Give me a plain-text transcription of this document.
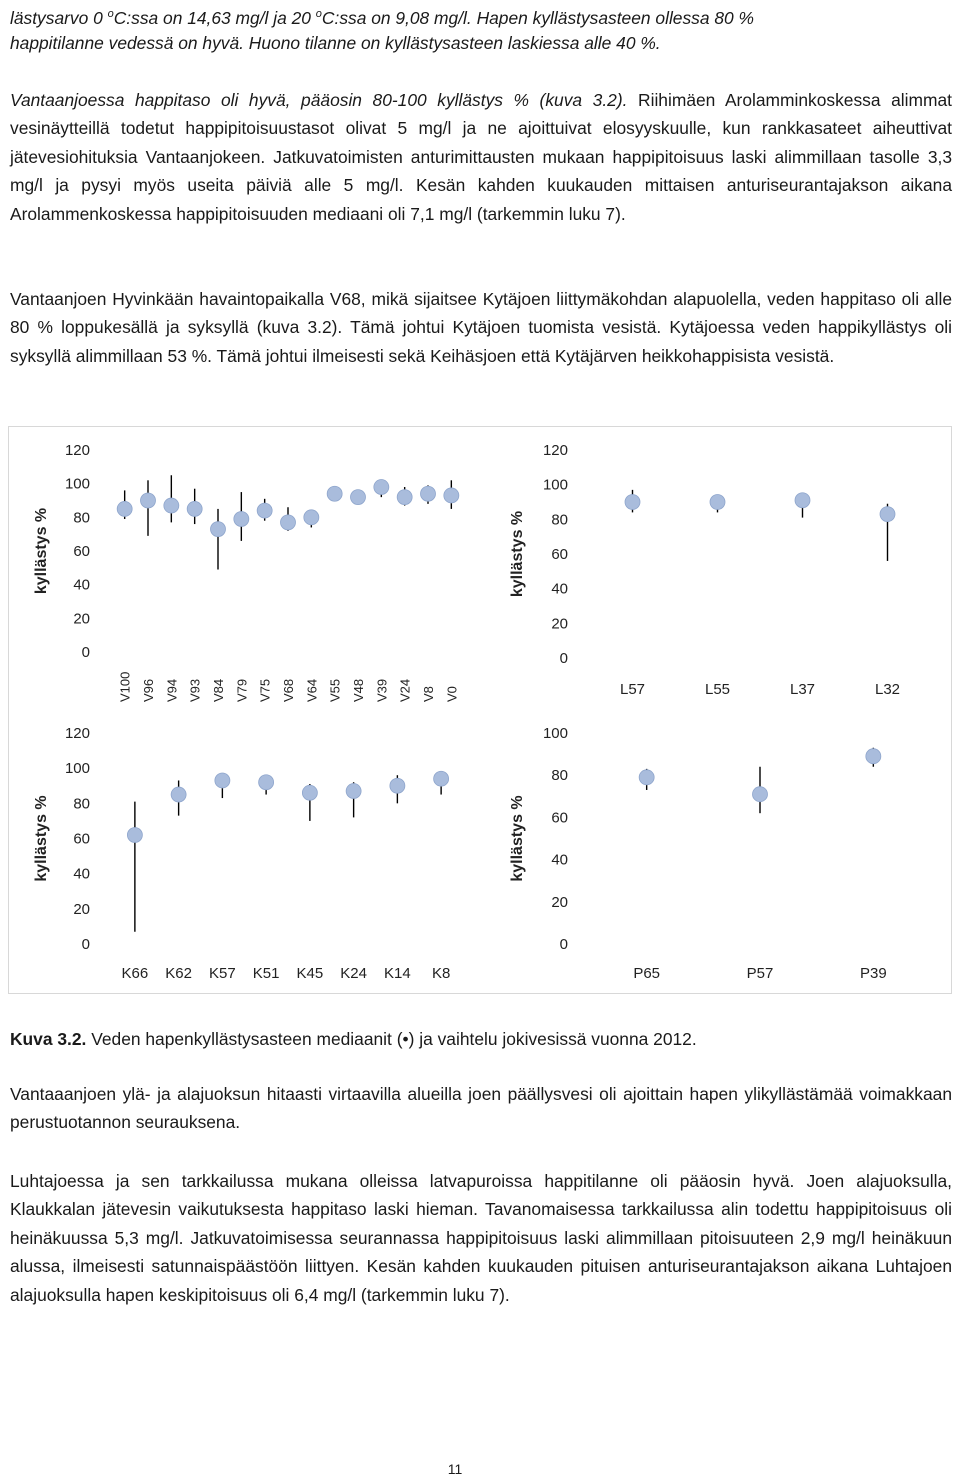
lästysarvo 0 $^o$C:ssa on 14,63 mg/l ja 20 $^o$C:ssa on 9,08 mg/l. Hapen kyllästysasteen ollessa 80 %
happitilanne vedessä on hyvä. Huono tilanne on kyllästysasteen laskiessa alle 40 %.
Vantaanjoessa happitaso oli hyvä, pääosin 80-100 kyllästys % (kuva 3.2). Riihimäen Arolamminkoskessa alimmat vesinäytteillä todetut happipitoisuustasot olivat 5 mg/l ja ne ajoittuivat elosyyskuulle, kun rankkasateet aiheuttivat jätevesiohituksia Vantaanjokeen. Jatkuvatoimisten anturimittausten mukaan happipitoisuus laski alimmillaan tasolle 3,3 mg/l ja pysyi myös useita päiviä alle 5 mg/l. Kesän kahden kuukauden mittaisen anturiseurantajakson aikana Arolammenkoskessa happipitoisuuden mediaani oli 7,1 mg/l (tarkemmin luku 7).
Vantaanjoen Hyvinkään havaintopaikalla V68, mikä sijaitsee Kytäjoen liittymäkohdan alapuolella, veden happitaso oli alle 80 % loppukesällä ja syksyllä (kuva 3.2). Tämä johtui Kytäjoen tuomista vesistä. Kytäjoessa veden happikyllästys oli syksyllä alimmillaan 53 %. Tämä johtui ilmeisesti sekä Keihäsjoen että Kytäjärven heikkohappisista vesistä.
0
20
40
60
80
100
120
kyllästys %
V100 V96 V94 V93 V84 V79 V75 V68 V64 V55 V48 V39 V24 V8 V0
0
20
40
60
80
100
120
kyllästys %
L57	L55	L37	L32
0
20
40
60
80
100
120
kyllästys %
K66 K62 K57 K51 K45 K24 K14 K8
0
20
40
60
80
100
kyllästys %
P65	P57	P39
Kuva 3.2. Veden hapenkyllästysasteen mediaanit (•) ja vaihtelu jokivesissä vuonna 2012.
Vantaaanjoen ylä- ja alajuoksun hitaasti virtaavilla alueilla joen päällysvesi oli ajoittain hapen ylikyllästämää voimakkaan perustuotannon seurauksena.
Luhtajoessa ja sen tarkkailussa mukana olleissa latvapuroissa happitilanne oli pääosin hyvä. Joen alajuoksulla, Klaukkalan jätevesin vaikutuksesta happitaso laski hieman. Tavanomaisessa tarkkailussa alin todettu happipitoisuus oli heinäkuussa 5,3 mg/l. Jatkuvatoimisessa seurannassa happipitoisuus laski alimmillaan pitoisuuteen 2,9 mg/l heinäkuun alussa, ilmeisesti satunnaispäästöön liittyen. Kesän kahden kuukauden pituisen anturiseurantajakson aikana Luhtajoen alajuoksulla hapen keskipitoisuus oli 6,4 mg/l (tarkemmin luku 7).
11
